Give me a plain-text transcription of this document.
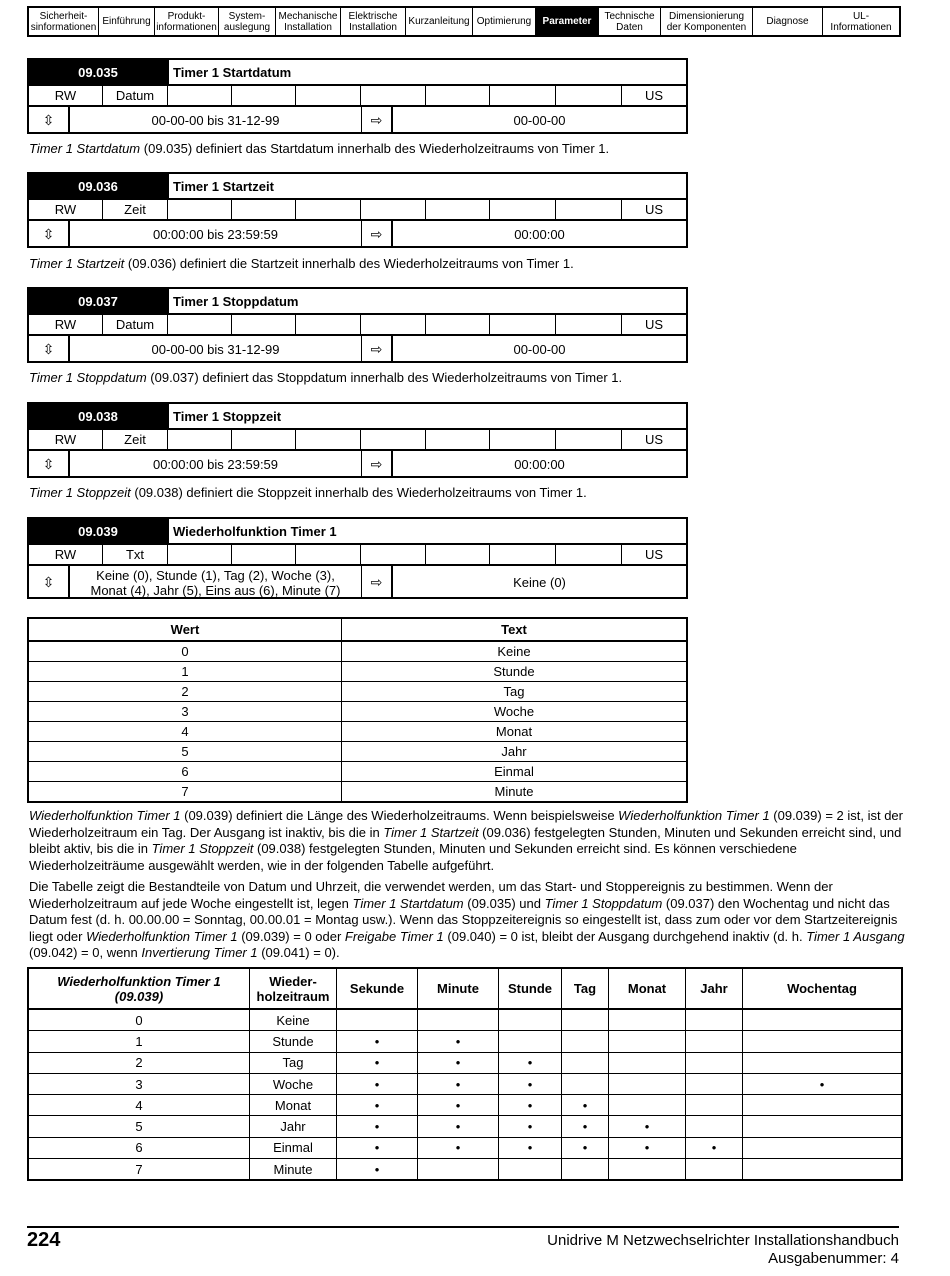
Sicherheit-
sinformationen Einführung	Produkt-
informationen
System-
auslegung
Mechanische
Installation
Elektrische
Installation	Kurzanleitung Optimierung	Parameter	Technische
Daten
Dimensionierung
der Komponenten	Diagnose	UL-
Informationen
09.035	Timer 1 Startdatum
RW	Datum	US
⇳	00-00-00 bis 31-12-99	⇨	00-00-00
Timer 1 Startdatum (09.035) definiert das Startdatum innerhalb des Wiederholzeitraums von Timer 1.
09.036	Timer 1 Startzeit
RW	Zeit	US
⇳	00:00:00 bis 23:59:59	⇨	00:00:00
Timer 1 Startzeit (09.036) definiert die Startzeit innerhalb des Wiederholzeitraums von Timer 1.
09.037	Timer 1 Stoppdatum
RW	Datum	US
⇳	00-00-00 bis 31-12-99	⇨	00-00-00
Timer 1 Stoppdatum (09.037) definiert das Stoppdatum innerhalb des Wiederholzeitraums von Timer 1.
09.038	Timer 1 Stoppzeit
RW	Zeit	US
⇳	00:00:00 bis 23:59:59	⇨	00:00:00
Timer 1 Stoppzeit (09.038) definiert die Stoppzeit innerhalb des Wiederholzeitraums von Timer 1.
09.039	Wiederholfunktion Timer 1
RW	Txt	US
⇳	Keine (0), Stunde (1), Tag (2), Woche (3),
Monat (4), Jahr (5), Eins aus (6), Minute (7)	⇨	Keine (0)
Wert	Text
0	Keine
1	Stunde
2	Tag
3	Woche
4	Monat
5	Jahr
6	Einmal
7	Minute
Wiederholfunktion Timer 1 (09.039) definiert die Länge des Wiederholzeitraums. Wenn beispielsweise Wiederholfunktion Timer 1 (09.039) = 2 ist, ist der Wiederholzeitraum ein Tag. Der Ausgang ist inaktiv, bis die in Timer 1 Startzeit (09.036) festgelegten Stunden, Minuten und Sekunden erreicht sind, und bleibt aktiv, bis die in Timer 1 Stoppzeit (09.038) festgelegten Stunden, Minuten und Sekunden erreicht sind. Es können verschiedene Wiederholzeiträume ausgewählt werden, wie in der folgenden Tabelle aufgeführt.
Die Tabelle zeigt die Bestandteile von Datum und Uhrzeit, die verwendet werden, um das Start- und Stoppereignis zu bestimmen. Wenn der Wiederholzeitraum auf jede Woche eingestellt ist, legen Timer 1 Startdatum (09.035) und Timer 1 Stoppdatum (09.037) den Wochentag und nicht das Datum fest (d. h. 00.00.00 = Sonntag, 00.00.01 = Montag usw.). Wenn das Stoppzeitereignis so eingestellt ist, dass zum oder vor dem Startzeitereignis liegt oder Wiederholfunktion Timer 1 (09.039) = 0 oder Freigabe Timer 1 (09.040) = 0 ist, bleibt der Ausgang durchgehend inaktiv (d. h. Timer 1 Ausgang (09.042) = 0, wenn Invertierung Timer 1 (09.041) = 0).
Wiederholfunktion Timer 1
(09.039)	Wieder-
holzeitraum	Sekunde	Minute	Stunde	Tag	Monat	Jahr	Wochentag
0	Keine							
1	Stunde	•	•					
2	Tag	•	•	•				
3	Woche	•	•	•				•
4	Monat	•	•	•	•			
5	Jahr	•	•	•	•	•		
6	Einmal	•	•	•	•	•	•	
7	Minute	•						
224	Unidrive M Netzwechselrichter Installationshandbuch
Ausgabenummer: 4
